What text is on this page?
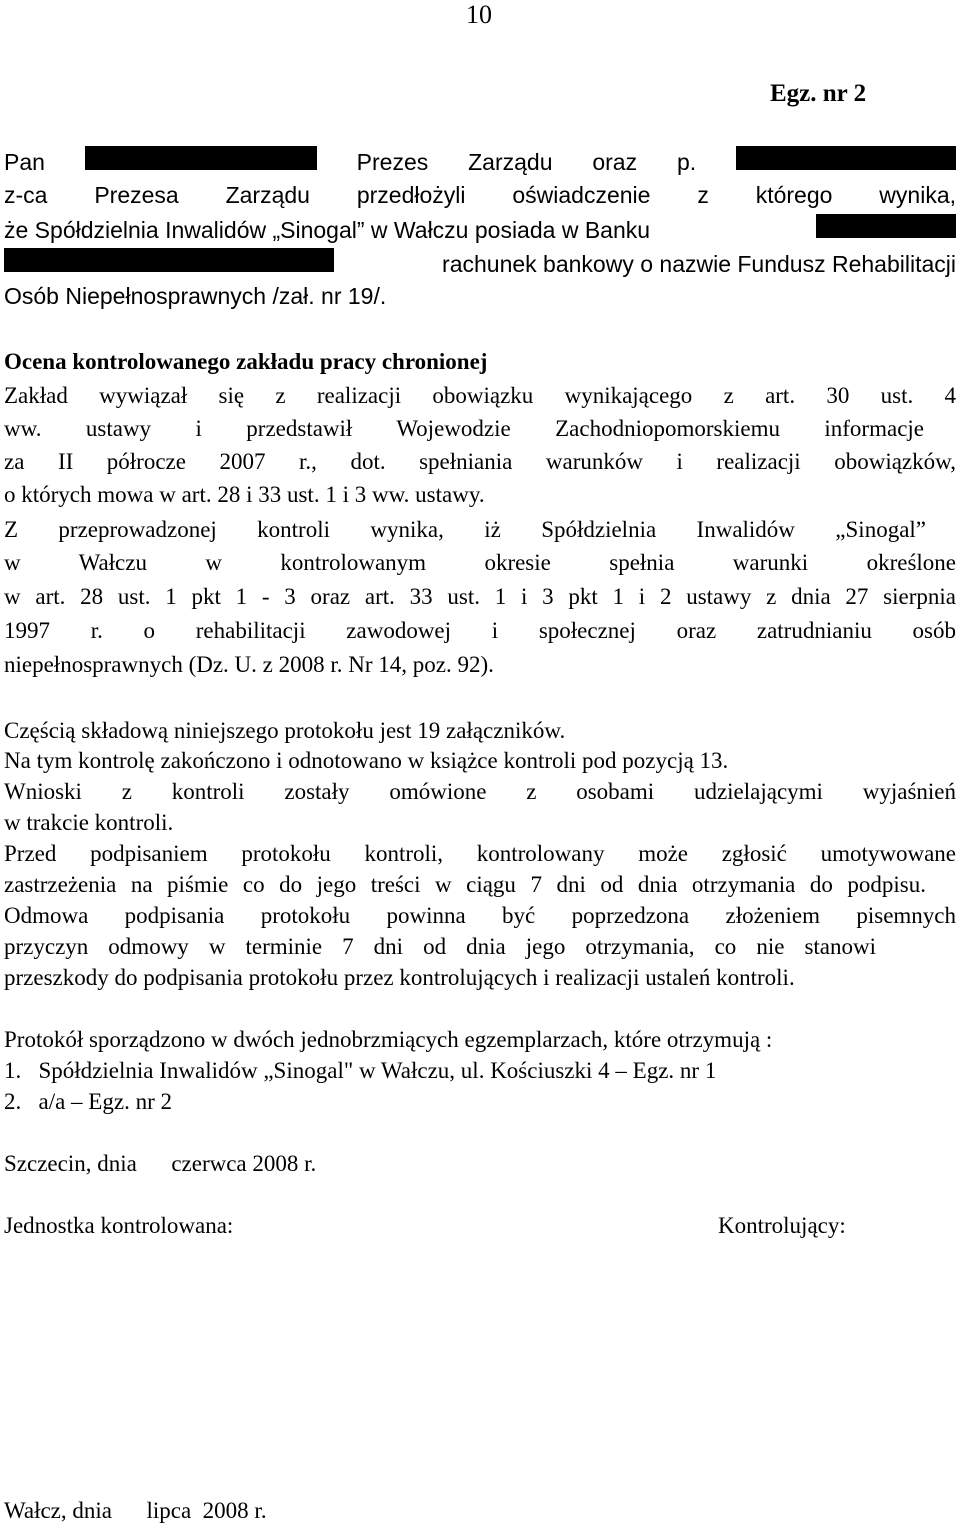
10
Egz. nr 2
Pan	Prezes Zarządu oraz p.
z-ca Prezesa Zarządu przedłożyli oświadczenie z którego wynika,
że Spółdzielnia Inwalidów „Sinogal” w Wałczu posiada w Banku
rachunek bankowy o nazwie Fundusz Rehabilitacji
Osób Niepełnosprawnych /zał. nr 19/.
Ocena kontrolowanego zakładu pracy chronionej
Zakład wywiązał się z realizacji obowiązku wynikającego z art. 30 ust. 4
ww. ustawy i przedstawił Wojewodzie Zachodniopomorskiemu informacje
za II półrocze 2007 r., dot. spełniania warunków i realizacji obowiązków,
o których mowa w art. 28 i 33 ust. 1 i 3 ww. ustawy.
Z przeprowadzonej kontroli wynika, iż Spółdzielnia Inwalidów „Sinogal”
w Wałczu w kontrolowanym okresie spełnia warunki określone
w art. 28 ust. 1 pkt 1 - 3 oraz art. 33 ust. 1 i 3 pkt 1 i 2 ustawy z dnia 27 sierpnia
1997 r. o rehabilitacji zawodowej i społecznej oraz zatrudnianiu osób
niepełnosprawnych (Dz. U. z 2008 r. Nr 14, poz. 92).
Częścią składową niniejszego protokołu jest 19 załączników.
Na tym kontrolę zakończono i odnotowano w książce kontroli pod pozycją 13.
Wnioski z kontroli zostały omówione z osobami udzielającymi wyjaśnień
w trakcie kontroli.
Przed podpisaniem protokołu kontroli, kontrolowany może zgłosić umotywowane
zastrzeżenia na piśmie co do jego treści w ciągu 7 dni od dnia otrzymania do podpisu.
Odmowa podpisania protokołu powinna być poprzedzona złożeniem pisemnych
przyczyn odmowy w terminie 7 dni od dnia jego otrzymania, co nie stanowi
przeszkody do podpisania protokołu przez kontrolujących i realizacji ustaleń kontroli.
Protokół sporządzono w dwóch jednobrzmiących egzemplarzach, które otrzymują :
1.   Spółdzielnia Inwalidów „Sinogal" w Wałczu, ul. Kościuszki 4 – Egz. nr 1
2.   a/a – Egz. nr 2
Szczecin, dnia      czerwca 2008 r.
Jednostka kontrolowana:	Kontrolujący:
Wałcz, dnia      lipca  2008 r.
